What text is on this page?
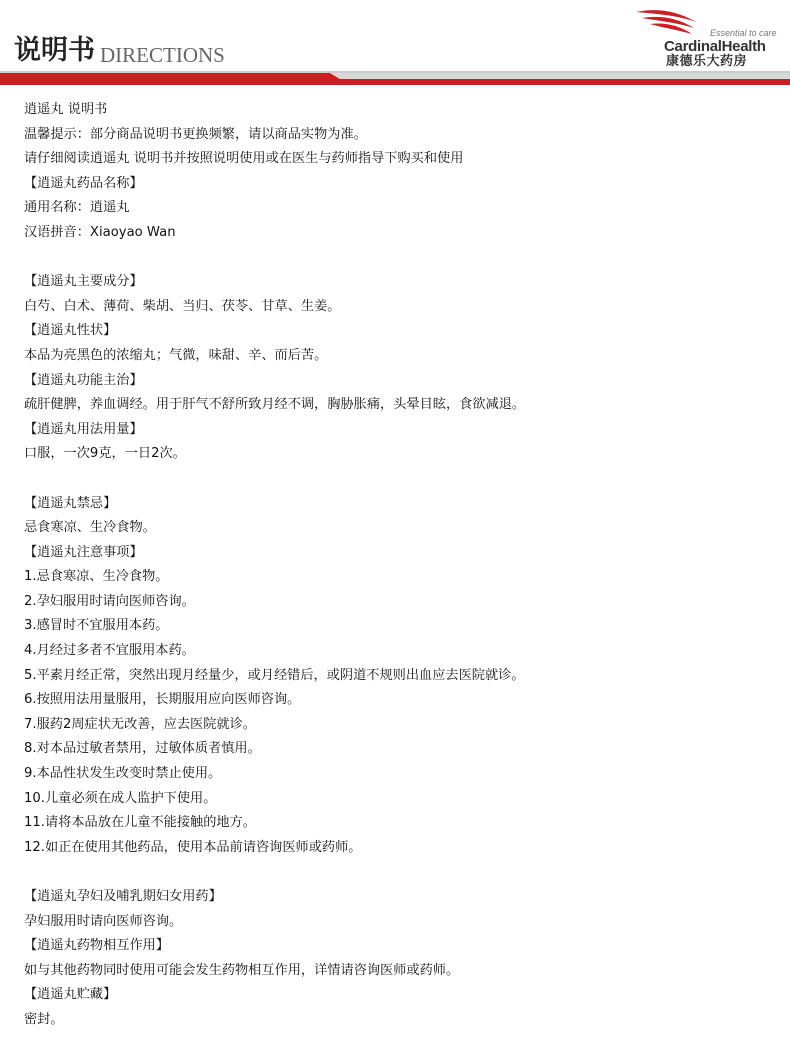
说明书 DIRECTIONS
Essential to care
CardinalHealth
康德乐大药房
逍遥丸 说明书
温馨提示：部分商品说明书更换频繁，请以商品实物为准。
请仔细阅读逍遥丸 说明书并按照说明使用或在医生与药师指导下购买和使用
【逍遥丸药品名称】
通用名称：逍遥丸
汉语拼音：Xiaoyao Wan
【逍遥丸主要成分】
白芍、白术、薄荷、柴胡、当归、茯苓、甘草、生姜。
【逍遥丸性状】
本品为亮黑色的浓缩丸；气微，味甜、辛、而后苦。
【逍遥丸功能主治】
疏肝健脾，养血调经。用于肝气不舒所致月经不调，胸胁胀痛，头晕目眩，食欲减退。
【逍遥丸用法用量】
口服，一次9克，一日2次。
【逍遥丸禁忌】
忌食寒凉、生冷食物。
【逍遥丸注意事项】
1.忌食寒凉、生冷食物。
2.孕妇服用时请向医师咨询。
3.感冒时不宜服用本药。
4.月经过多者不宜服用本药。
5.平素月经正常，突然出现月经量少，或月经错后，或阴道不规则出血应去医院就诊。
6.按照用法用量服用，长期服用应向医师咨询。
7.服药2周症状无改善，应去医院就诊。
8.对本品过敏者禁用，过敏体质者慎用。
9.本品性状发生改变时禁止使用。
10.儿童必须在成人监护下使用。
11.请将本品放在儿童不能接触的地方。
12.如正在使用其他药品，使用本品前请咨询医师或药师。
【逍遥丸孕妇及哺乳期妇女用药】
孕妇服用时请向医师咨询。
【逍遥丸药物相互作用】
如与其他药物同时使用可能会发生药物相互作用，详情请咨询医师或药师。
【逍遥丸贮藏】
密封。
